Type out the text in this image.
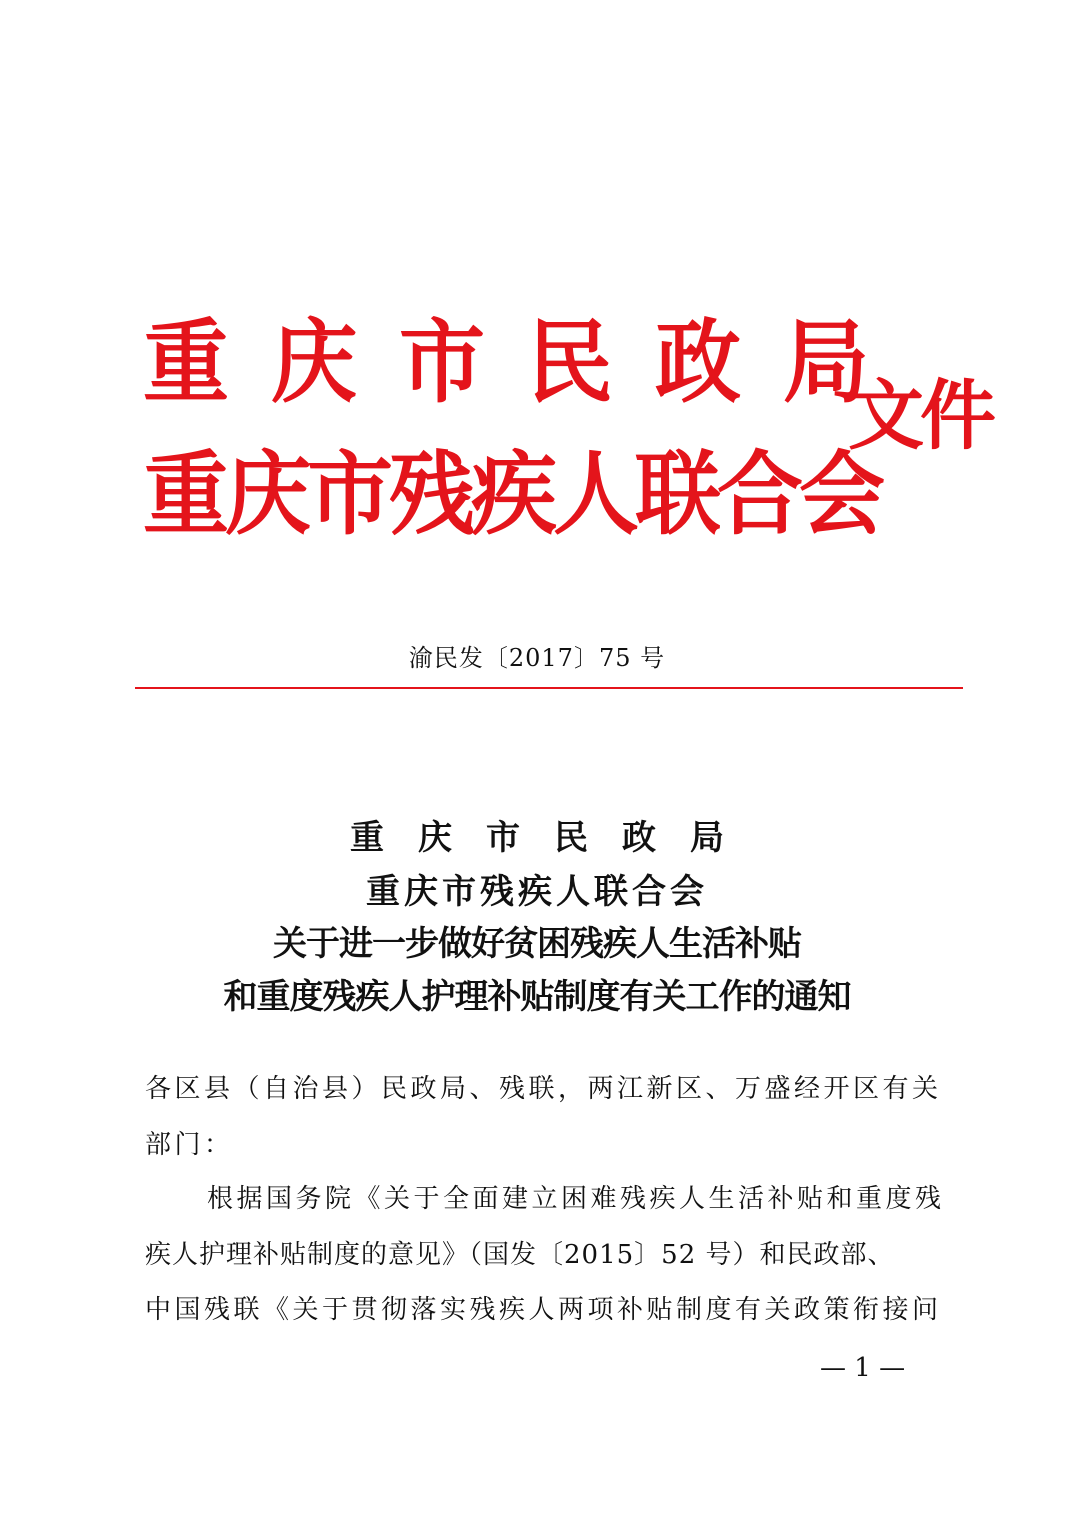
重庆市民政局
重庆市残疾人联合会
文件
渝民发〔2017〕75 号
重庆市民政局
重庆市残疾人联合会
关于进一步做好贫困残疾人生活补贴
和重度残疾人护理补贴制度有关工作的通知
各区县（自治县）民政局、残联，两江新区、万盛经开区有关
部门：
根据国务院《关于全面建立困难残疾人生活补贴和重度残
疾人护理补贴制度的意见》（国发〔2015〕52 号）和民政部、
中国残联《关于贯彻落实残疾人两项补贴制度有关政策衔接问
— 1 —
